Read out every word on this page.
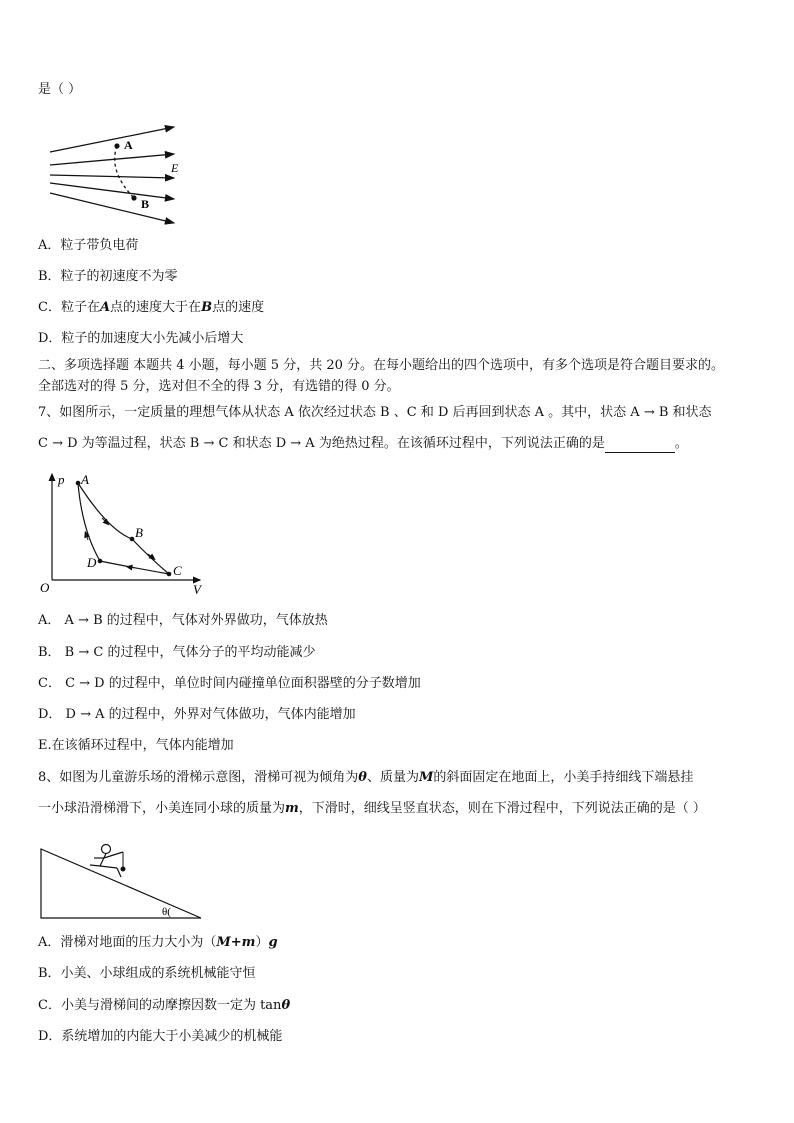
是（ ）
A
B
E
A．粒子带负电荷
B．粒子的初速度不为零
C．粒子在A点的速度大于在B点的速度
D．粒子的加速度大小先减小后增大
二、多项选择题 本题共 4 小题，每小题 5 分，共 20 分。在每小题给出的四个选项中，有多个选项是符合题目要求的。
全部选对的得 5 分，选对但不全的得 3 分，有选错的得 0 分。
7、如图所示，一定质量的理想气体从状态 A 依次经过状态 B 、C 和 D 后再回到状态 A 。其中，状态 A → B 和状态
C → D 为等温过程，状态 B → C 和状态 D → A 为绝热过程。在该循环过程中，下列说法正确的是	。
p
V
O
A
B
C
D
A． A → B 的过程中，气体对外界做功，气体放热
B． B → C 的过程中，气体分子的平均动能减少
C． C → D 的过程中，单位时间内碰撞单位面积器壁的分子数增加
D． D → A 的过程中，外界对气体做功，气体内能增加
E.在该循环过程中，气体内能增加
8、如图为儿童游乐场的滑梯示意图，滑梯可视为倾角为θ、质量为M的斜面固定在地面上，小美手持细线下端悬挂
一小球沿滑梯滑下，小美连同小球的质量为m，下滑时，细线呈竖直状态，则在下滑过程中，下列说法正确的是（ ）
θ(
A．滑梯对地面的压力大小为（M+m）g
B．小美、小球组成的系统机械能守恒
C．小美与滑梯间的动摩擦因数一定为 tanθ
D．系统增加的内能大于小美减少的机械能
